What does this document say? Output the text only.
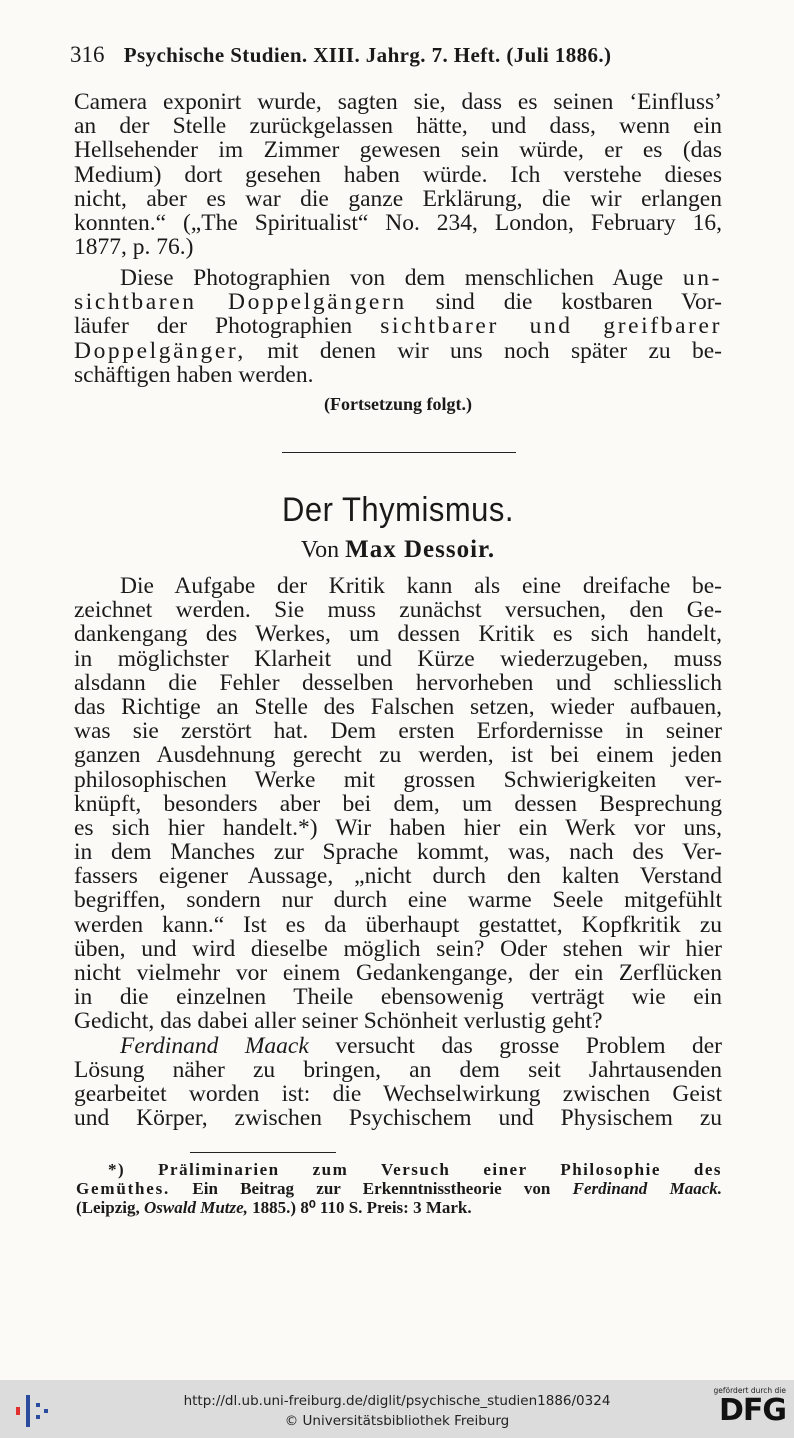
316 Psychische Studien. XIII. Jahrg. 7. Heft. (Juli 1886.)
Camera exponirt wurde, sagten sie, dass es seinen ‘Einfluss’
an der Stelle zurückgelassen hätte, und dass, wenn ein
Hellsehender im Zimmer gewesen sein würde, er es (das
Medium) dort gesehen haben würde. Ich verstehe dieses
nicht, aber es war die ganze Erklärung, die wir erlangen
konnten.“ („The Spiritualist“ No. 234, London, February 16,
1877, p. 76.)
Diese Photographien von dem menschlichen Auge un-
sichtbaren Doppelgängern sind die kostbaren Vor-
läufer der Photographien sichtbarer und greifbarer
Doppelgänger, mit denen wir uns noch später zu be-
schäftigen haben werden.
(Fortsetzung folgt.)
Der Thymismus.
Von Max Dessoir.
Die Aufgabe der Kritik kann als eine dreifache be-
zeichnet werden. Sie muss zunächst versuchen, den Ge-
dankengang des Werkes, um dessen Kritik es sich handelt,
in möglichster Klarheit und Kürze wiederzugeben, muss
alsdann die Fehler desselben hervorheben und schliesslich
das Richtige an Stelle des Falschen setzen, wieder aufbauen,
was sie zerstört hat. Dem ersten Erfordernisse in seiner
ganzen Ausdehnung gerecht zu werden, ist bei einem jeden
philosophischen Werke mit grossen Schwierigkeiten ver-
knüpft, besonders aber bei dem, um dessen Besprechung
es sich hier handelt.*) Wir haben hier ein Werk vor uns,
in dem Manches zur Sprache kommt, was, nach des Ver-
fassers eigener Aussage, „nicht durch den kalten Verstand
begriffen, sondern nur durch eine warme Seele mitgefühlt
werden kann.“ Ist es da überhaupt gestattet, Kopfkritik zu
üben, und wird dieselbe möglich sein? Oder stehen wir hier
nicht vielmehr vor einem Gedankengange, der ein Zerflücken
in die einzelnen Theile ebensowenig verträgt wie ein
Gedicht, das dabei aller seiner Schönheit verlustig geht?
Ferdinand Maack versucht das grosse Problem der
Lösung näher zu bringen, an dem seit Jahrtausenden
gearbeitet worden ist: die Wechselwirkung zwischen Geist
und Körper, zwischen Psychischem und Physischem zu
*) Präliminarien zum Versuch einer Philosophie des
Gemüthes. Ein Beitrag zur Erkenntnisstheorie von Ferdinand Maack.
(Leipzig, Oswald Mutze, 1885.) 8⁰ 110 S. Preis: 3 Mark.
http://dl.ub.uni-freiburg.de/diglit/psychische_studien1886/0324
© Universitätsbibliothek Freiburg
gefördert durch die
DFG
